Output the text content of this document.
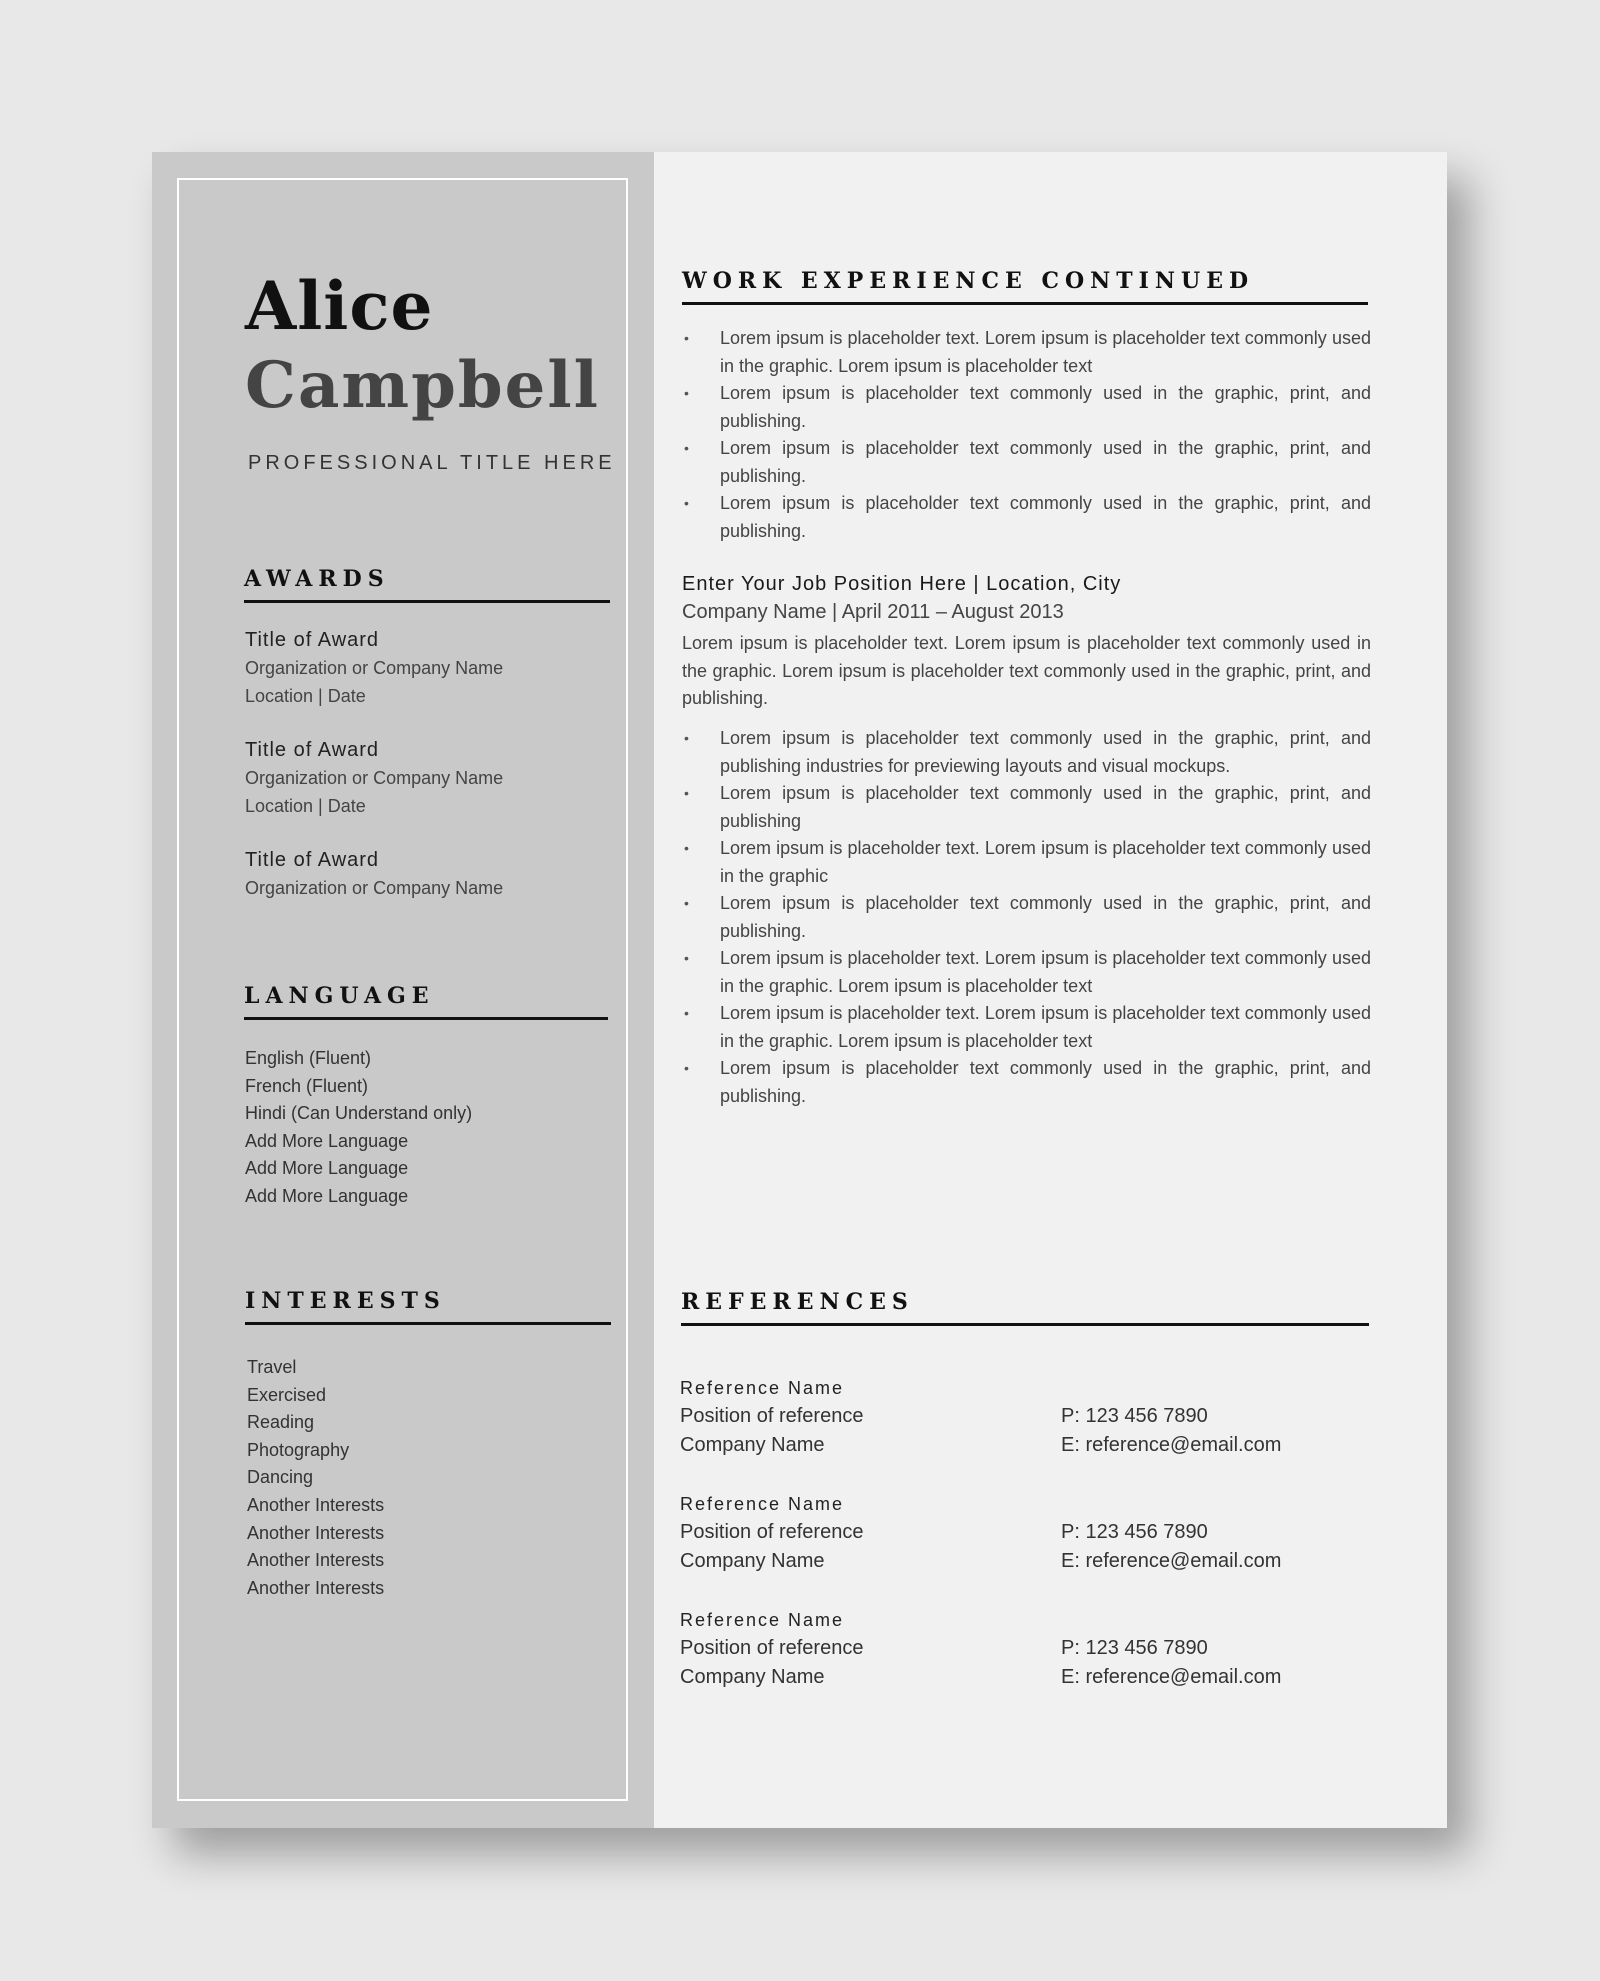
Alice
Campbell
PROFESSIONAL TITLE HERE
AWARDS
Title of Award
Organization or Company Name
Location | Date
Title of Award
Organization or Company Name
Location | Date
Title of Award
Organization or Company Name
LANGUAGE
English (Fluent)
French (Fluent)
Hindi (Can Understand only)
Add More Language
Add More Language
Add More Language
INTERESTS
Travel
Exercised
Reading
Photography
Dancing
Another Interests
Another Interests
Another Interests
Another Interests
WORK EXPERIENCE CONTINUED
• Lorem ipsum is placeholder text. Lorem ipsum is placeholder text commonly used in the graphic. Lorem ipsum is placeholder text
• Lorem ipsum is placeholder text commonly used in the graphic, print, and publishing.
• Lorem ipsum is placeholder text commonly used in the graphic, print, and publishing.
• Lorem ipsum is placeholder text commonly used in the graphic, print, and publishing.
Enter Your Job Position Here | Location, City
Company Name | April 2011 – August 2013
Lorem ipsum is placeholder text. Lorem ipsum is placeholder text commonly used in the graphic. Lorem ipsum is placeholder text commonly used in the graphic, print, and publishing.
• Lorem ipsum is placeholder text commonly used in the graphic, print, and publishing industries for previewing layouts and visual mockups.
• Lorem ipsum is placeholder text commonly used in the graphic, print, and publishing
• Lorem ipsum is placeholder text. Lorem ipsum is placeholder text commonly used in the graphic
• Lorem ipsum is placeholder text commonly used in the graphic, print, and publishing.
• Lorem ipsum is placeholder text. Lorem ipsum is placeholder text commonly used in the graphic. Lorem ipsum is placeholder text
• Lorem ipsum is placeholder text. Lorem ipsum is placeholder text commonly used in the graphic. Lorem ipsum is placeholder text
• Lorem ipsum is placeholder text commonly used in the graphic, print, and publishing.
REFERENCES
Reference Name
Position of reference	P: 123 456 7890
Company Name	E: reference@email.com
Reference Name
Position of reference	P: 123 456 7890
Company Name	E: reference@email.com
Reference Name
Position of reference	P: 123 456 7890
Company Name	E: reference@email.com
